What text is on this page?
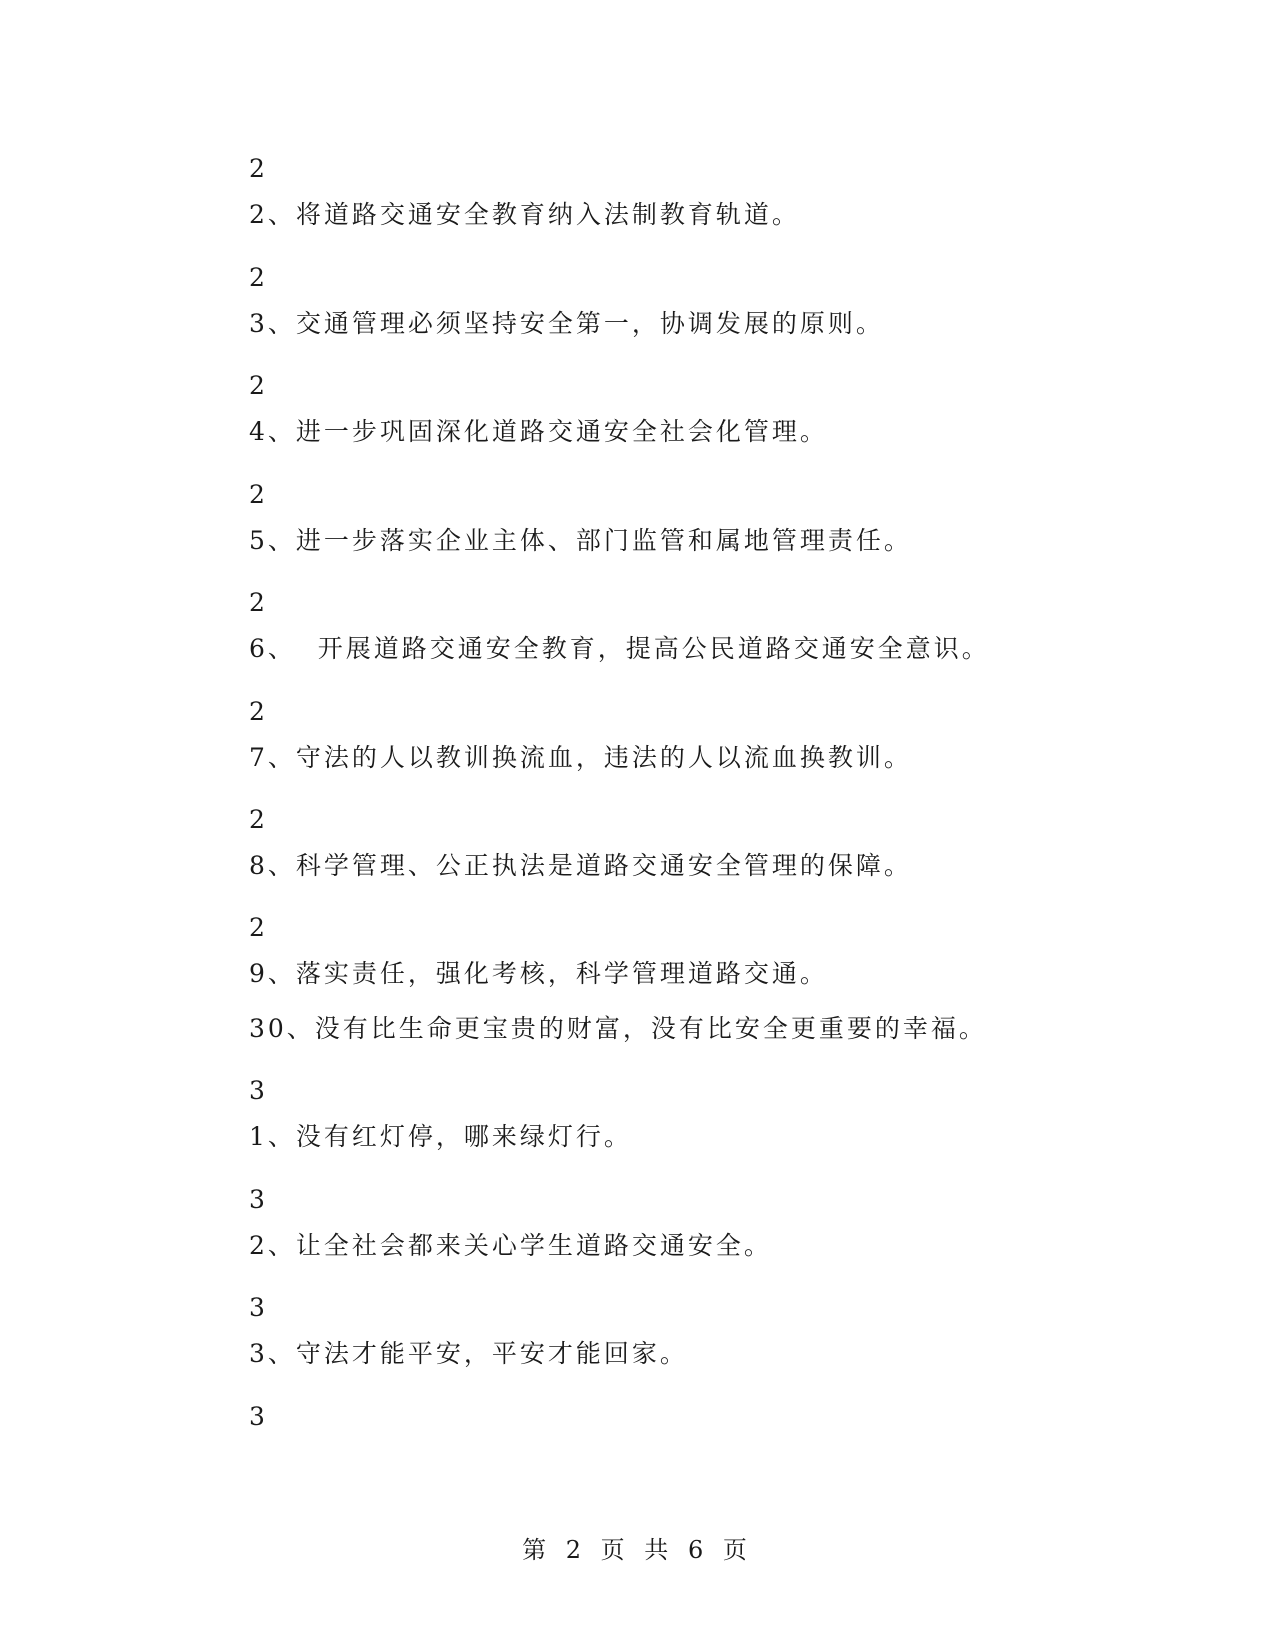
2
2、将道路交通安全教育纳入法制教育轨道。
2
3、交通管理必须坚持安全第一，协调发展的原则。
2
4、进一步巩固深化道路交通安全社会化管理。
2
5、进一步落实企业主体、部门监管和属地管理责任。
2
6、  开展道路交通安全教育，提高公民道路交通安全意识。
2
7、守法的人以教训换流血，违法的人以流血换教训。
2
8、科学管理、公正执法是道路交通安全管理的保障。
2
9、落实责任，强化考核，科学管理道路交通。
30、没有比生命更宝贵的财富，没有比安全更重要的幸福。
3
1、没有红灯停，哪来绿灯行。
3
2、让全社会都来关心学生道路交通安全。
3
3、守法才能平安，平安才能回家。
3
第 2 页 共 6 页
